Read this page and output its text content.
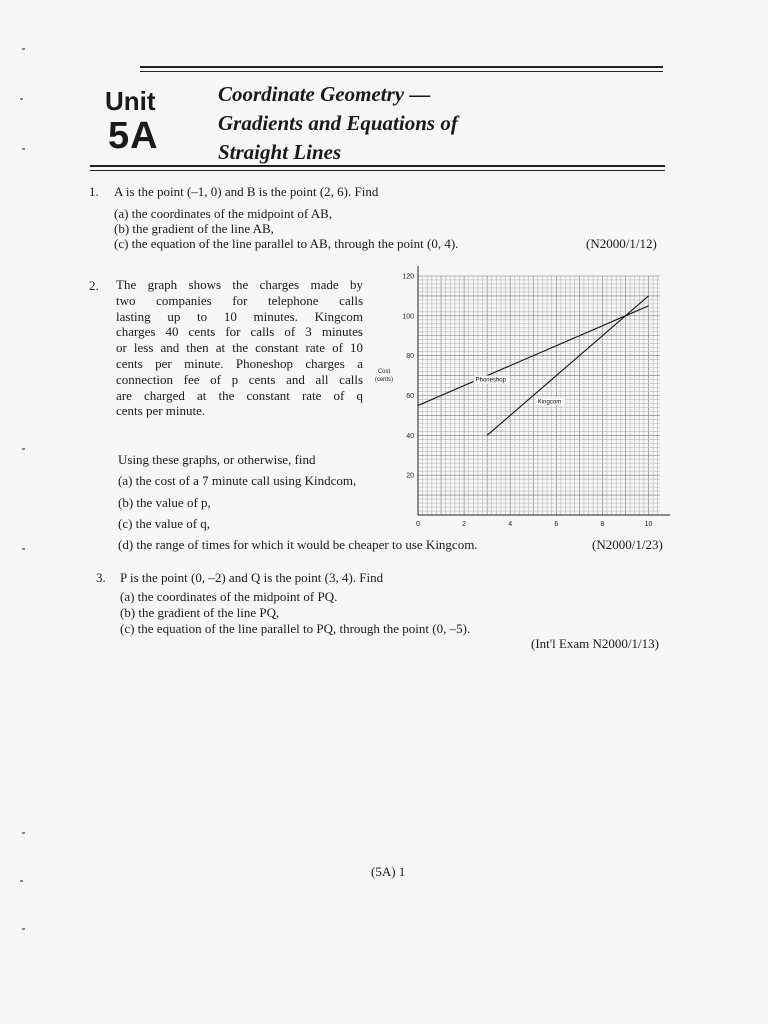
Unit
5A
Coordinate Geometry —
Gradients and Equations of
Straight Lines
1. A is the point (–1, 0) and B is the point (2, 6). Find
(a) the coordinates of the midpoint of AB,
(b) the gradient of the line AB,
(c) the equation of the line parallel to AB, through the point (0, 4).	(N2000/1/12)
2. The graph shows the charges made by
two companies for telephone calls
lasting up to 10 minutes. Kingcom
charges 40 cents for calls of 3 minutes
or less and then at the constant rate of 10
cents per minute. Phoneshop charges a
connection fee of p cents and all calls
are charged at the constant rate of q
cents per minute.
Using these graphs, or otherwise, find
(a) the cost of a 7 minute call using Kindcom,
(b) the value of p,
(c) the value of q,
(d) the range of times for which it would be cheaper to use Kingcom.	(N2000/1/23)
0	2	4	6	8	10
20
40
60
80
100
120
Cost
(cents)	Phoneshop
Kingcom
3. P is the point (0, –2) and Q is the point (3, 4). Find
(a) the coordinates of the midpoint of PQ.
(b) the gradient of the line PQ,
(c) the equation of the line parallel to PQ, through the point (0, –5).
(Int'l Exam N2000/1/13)
(5A) 1
